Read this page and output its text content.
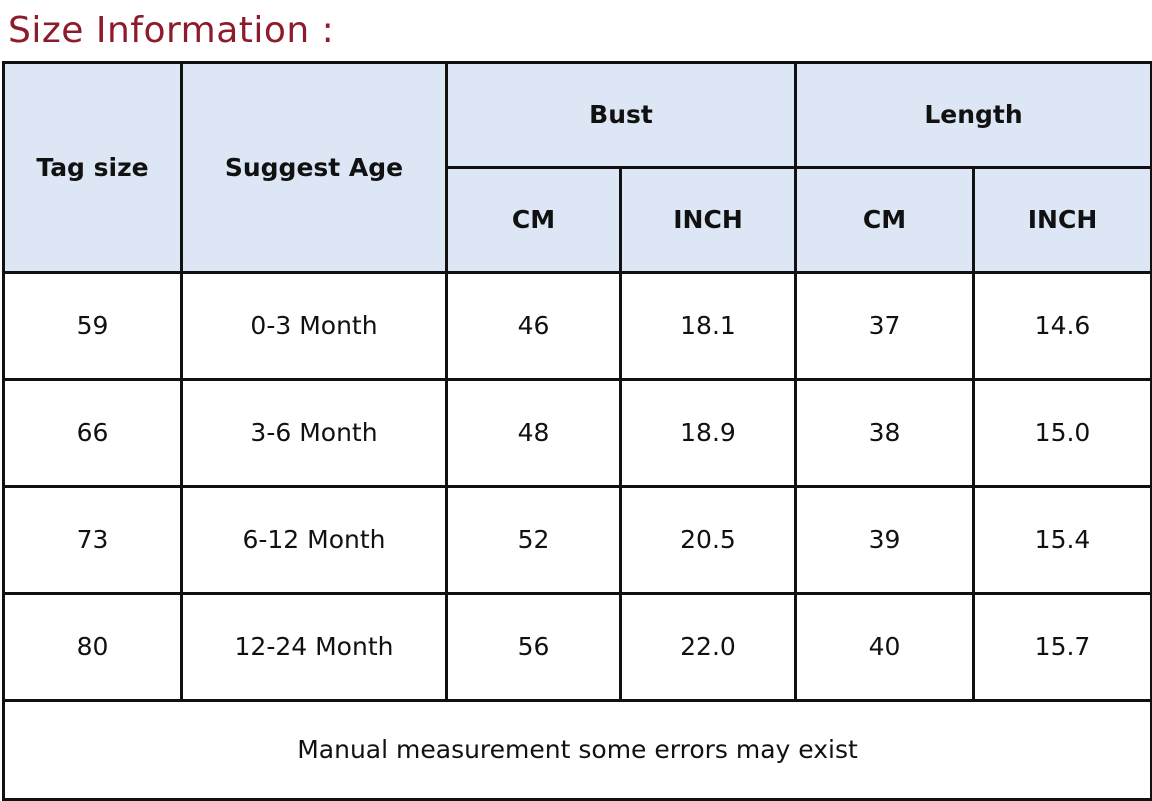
Size Information :
Tag size	Suggest Age	Bust		Length	
		CM	INCH	CM	INCH
59	0-3 Month	46	18.1	37	14.6
66	3-6 Month	48	18.9	38	15.0
73	6-12 Month	52	20.5	39	15.4
80	12-24 Month	56	22.0	40	15.7
Manual measurement some errors may exist					
